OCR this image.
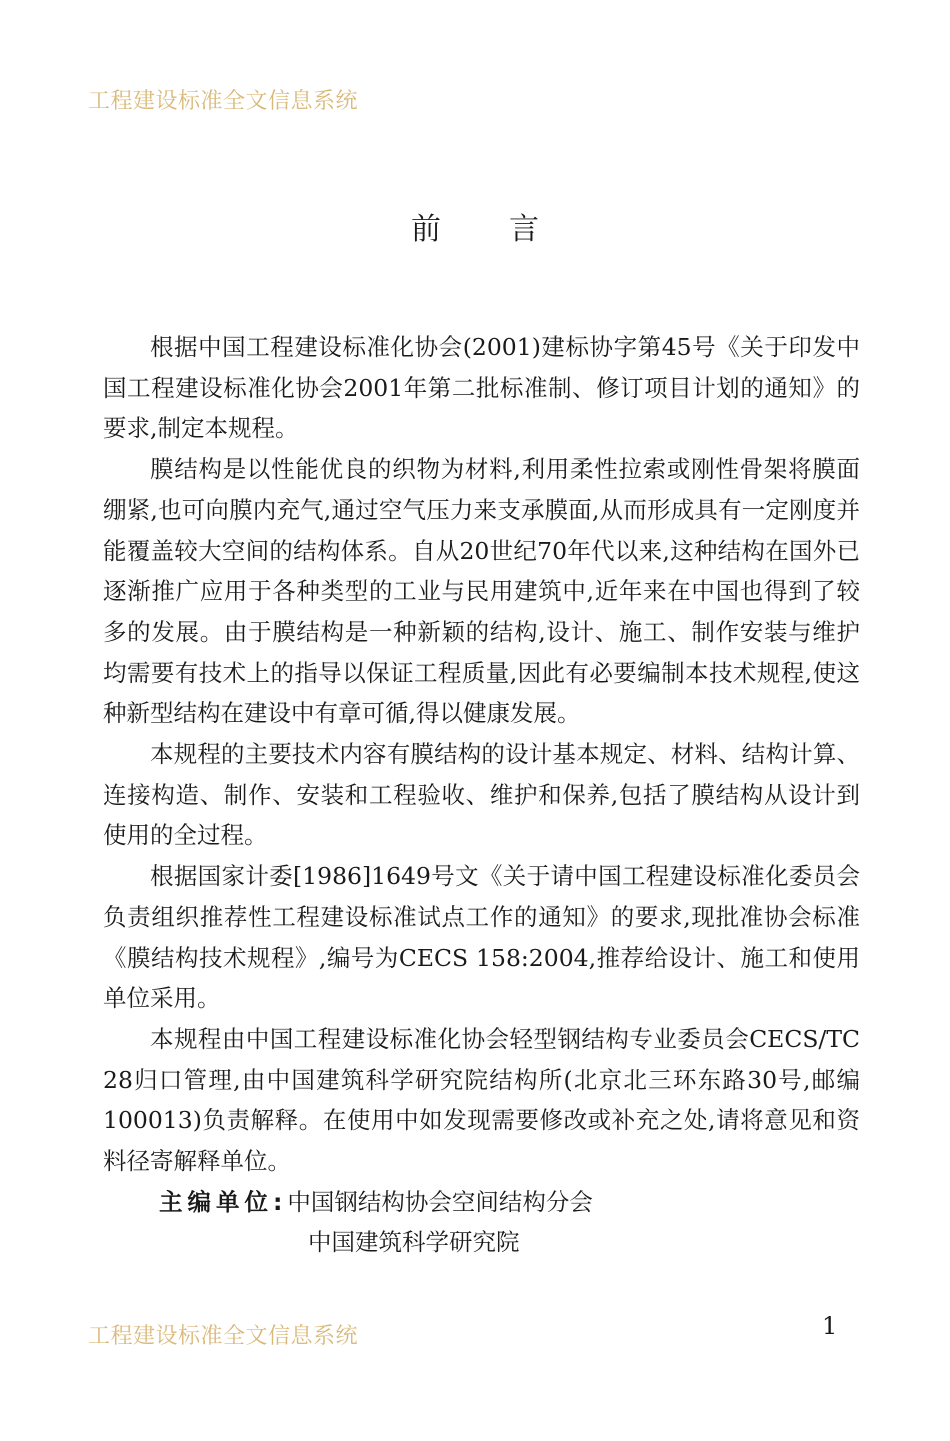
工程建设标准全文信息系统
前 言

根据中国工程建设标准化协会(2001)建标协字第45号《关于印发中国工程建设标准化协会2001年第二批标准制、修订项目计划的通知》的要求,制定本规程。

膜结构是以性能优良的织物为材料,利用柔性拉索或刚性骨架将膜面绷紧,也可向膜内充气,通过空气压力来支承膜面,从而形成具有一定刚度并能覆盖较大空间的结构体系。自从20世纪70年代以来,这种结构在国外已逐渐推广应用于各种类型的工业与民用建筑中,近年来在中国也得到了较多的发展。由于膜结构是一种新颖的结构,设计、施工、制作安装与维护均需要有技术上的指导以保证工程质量,因此有必要编制本技术规程,使这种新型结构在建设中有章可循,得以健康发展。

本规程的主要技术内容有膜结构的设计基本规定、材料、结构计算、连接构造、制作、安装和工程验收、维护和保养,包括了膜结构从设计到使用的全过程。

根据国家计委[1986]1649号文《关于请中国工程建设标准化委员会负责组织推荐性工程建设标准试点工作的通知》的要求,现批准协会标准《膜结构技术规程》,编号为CECS 158:2004,推荐给设计、施工和使用单位采用。

本规程由中国工程建设标准化协会轻型钢结构专业委员会CECS/TC 28归口管理,由中国建筑科学研究院结构所(北京北三环东路30号,邮编100013)负责解释。在使用中如发现需要修改或补充之处,请将意见和资料径寄解释单位。

主编单位:中国钢结构协会空间结构分会
中国建筑科学研究院
工程建设标准全文信息系统	1
